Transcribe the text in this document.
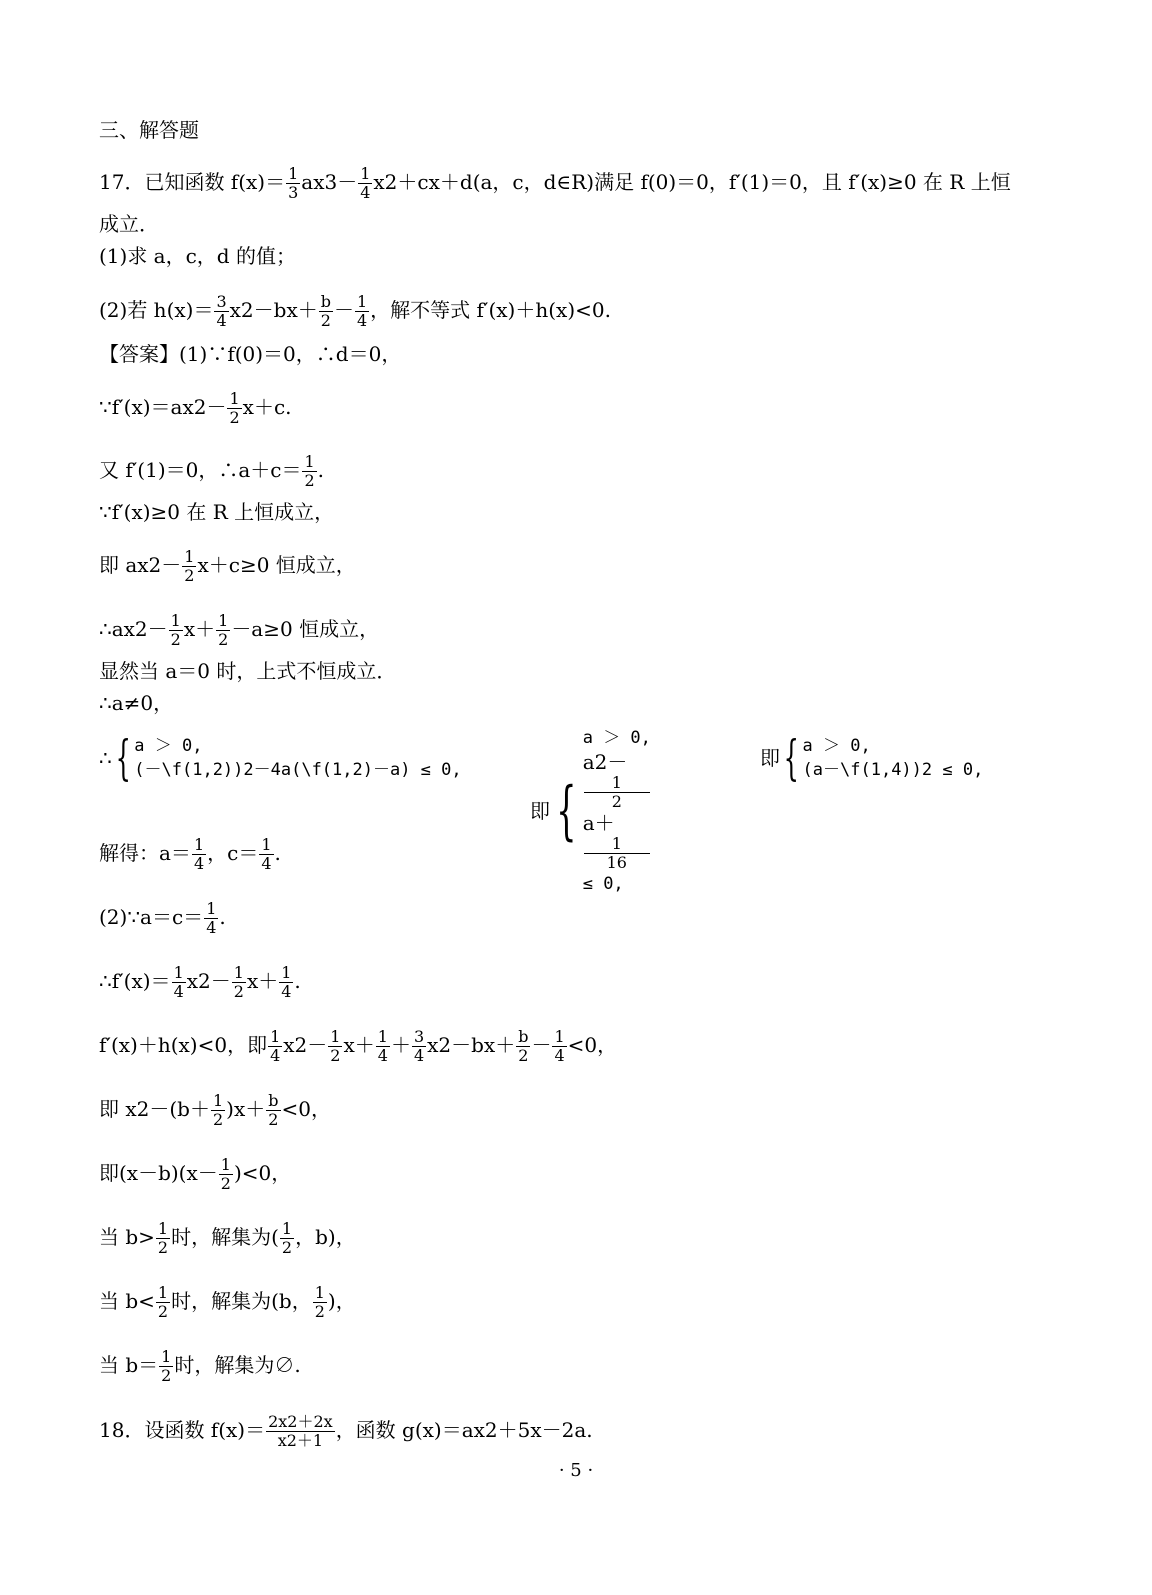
三、解答题
17．已知函数 $f(x)= \frac{1}{3} ax3- \frac{1}{4} x2+cx+d(a$，c，d∈R)满足 f(0)＝0，f′(1)＝0，且 f′(x)≥0 在 R 上恒
成立．
(1)求 a，c，d 的值；
(2)若 $h(x)= \frac{3}{4} x2-bx+ \frac{b}{2} - \frac{1}{4}$ ，解不等式 f′(x)＋h(x)<0.
【答案】(1)∵f(0)＝0，∴d＝0，
∵f′(x)＝ax2－ $\frac{1}{2} x+c$.
又 f′(1)＝0，∴a＋c＝ $\frac{1}{2}$ .
∵f′(x)≥0 在 R 上恒成立，
即 $ax2- \frac{1}{2} x+c\ge 0$ 恒成立，
∴ax2－ $\frac{1}{2} x+ \frac{1}{2} -a\ge 0$ 恒成立，
显然当 a＝0 时，上式不恒成立．
∴a≠0，
∴{ a ＞ 0,
(－\f(1,2))2－4a(\f(1,2)－a) ≤ 0,
即{
a ＞ 0,
a2－
1
2
a＋
1
16
≤ 0,
即{ a ＞ 0,
(a－\f(1,4))2 ≤ 0,
解得：$a= \frac{1}{4}$ ，$c= \frac{1}{4}$ .
(2)∵a＝c＝ $\frac{1}{4}$ .
∴f′(x)＝ $\frac{1}{4} x2- \frac{1}{2} x+ \frac{1}{4}$ .
f′(x)＋h(x)<0，即 $\frac{1}{4} x2- \frac{1}{2} x+ \frac{1}{4} + \frac{3}{4} x2-bx+ \frac{b}{2} - \frac{1}{4} <0$，
即 $x2-(b+ \frac{1}{2} )x+ \frac{b}{2} <0$，
即$(x-b)(x- \frac{1}{2} )<0$，
当 $b> \frac{1}{2}$ 时，解集为( $\frac{1}{2}$ ，b)，
当 $b< \frac{1}{2}$ 时，解集为(b， $\frac{1}{2}$ )，
当 $b= \frac{1}{2}$ 时，解集为∅.
18．设函数 $f(x)= \frac{2x2+2x}{x2+1}$ ，函数 g(x)＝ax2＋5x－2a.
· 5 ·
